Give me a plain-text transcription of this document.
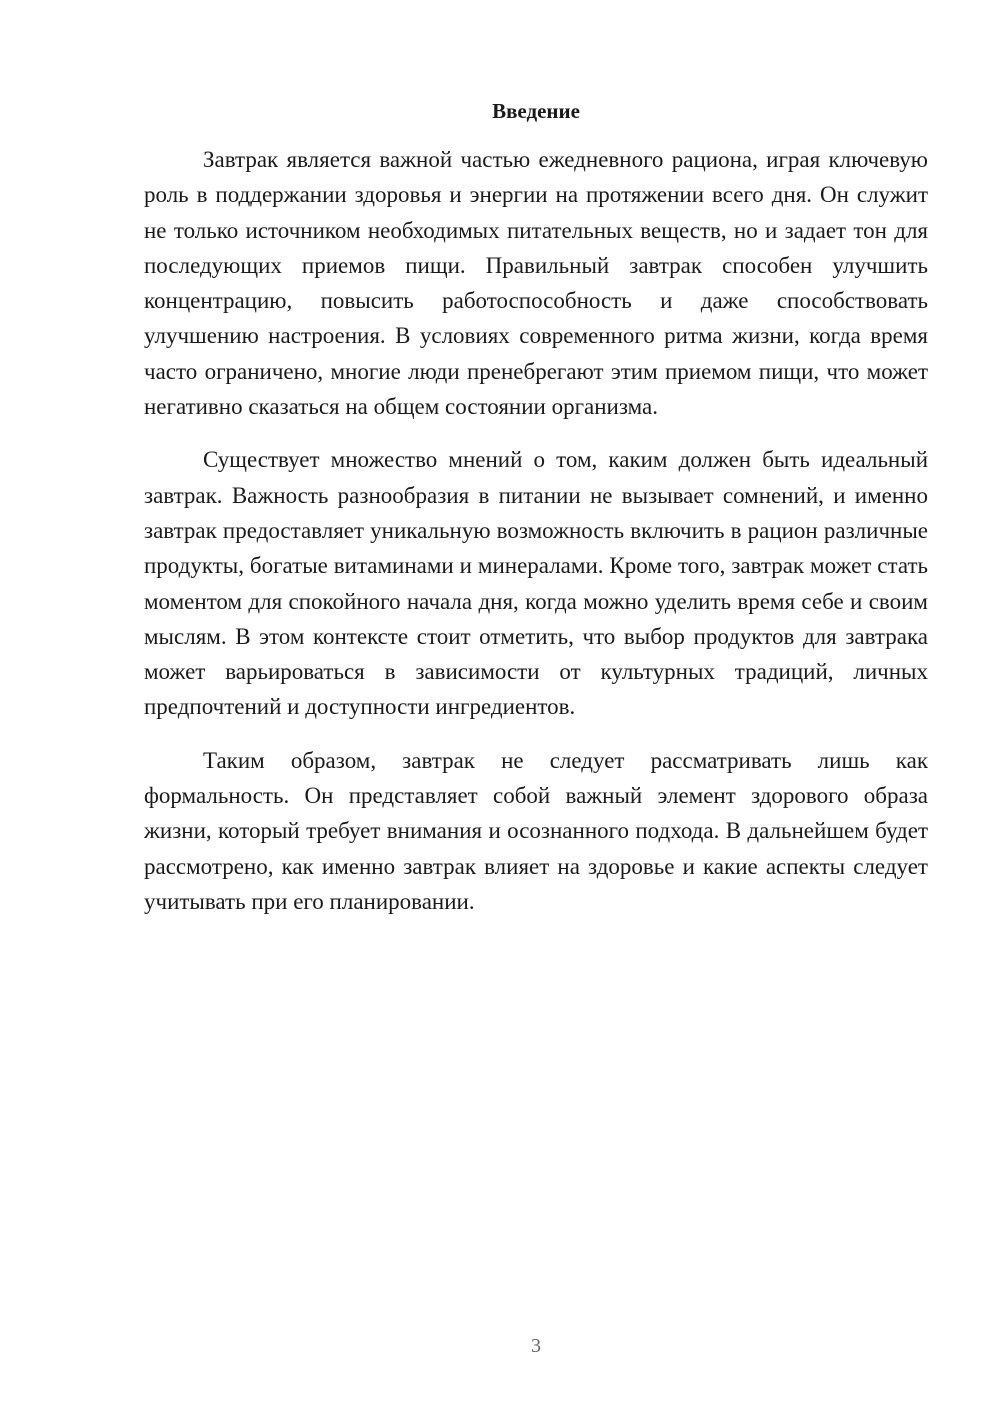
Введение

Завтрак является важной частью ежедневного рациона, играя ключевую роль в поддержании здоровья и энергии на протяжении всего дня. Он служит не только источником необходимых питательных веществ, но и задает тон для последующих приемов пищи. Правильный завтрак способен улучшить концентрацию, повысить работоспособность и даже способствовать улучшению настроения. В условиях современного ритма жизни, когда время часто ограничено, многие люди пренебрегают этим приемом пищи, что может негативно сказаться на общем состоянии организма.

Существует множество мнений о том, каким должен быть идеальный завтрак. Важность разнообразия в питании не вызывает сомнений, и именно завтрак предоставляет уникальную возможность включить в рацион различные продукты, богатые витаминами и минералами. Кроме того, завтрак может стать моментом для спокойного начала дня, когда можно уделить время себе и своим мыслям. В этом контексте стоит отметить, что выбор продуктов для завтрака может варьироваться в зависимости от культурных традиций, личных предпочтений и доступности ингредиентов.

Таким образом, завтрак не следует рассматривать лишь как формальность. Он представляет собой важный элемент здорового образа жизни, который требует внимания и осознанного подхода. В дальнейшем будет рассмотрено, как именно завтрак влияет на здоровье и какие аспекты следует учитывать при его планировании.

3
